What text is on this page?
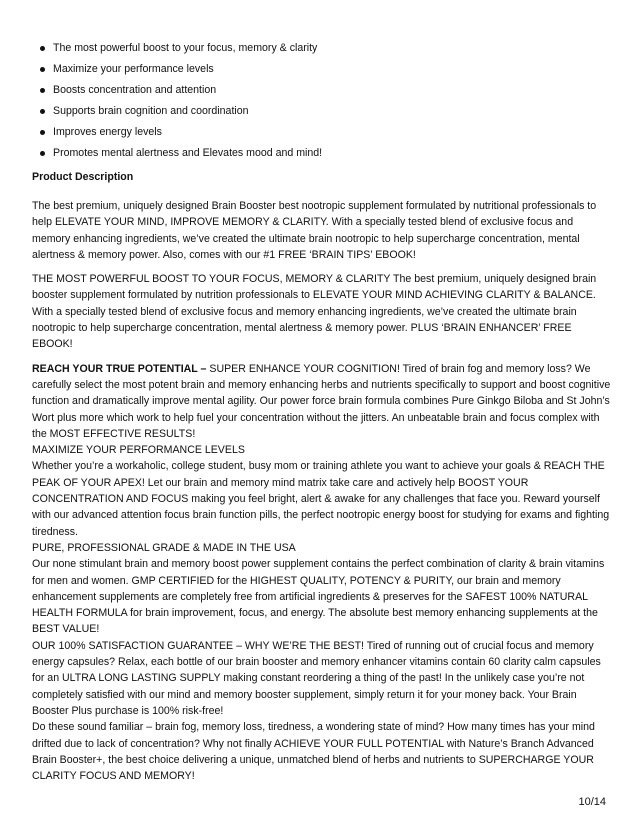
The most powerful boost to your focus, memory & clarity
Maximize your performance levels
Boosts concentration and attention
Supports brain cognition and coordination
Improves energy levels
Promotes mental alertness and Elevates mood and mind!
Product Description

The best premium, uniquely designed Brain Booster best nootropic supplement formulated by nutritional professionals to help ELEVATE YOUR MIND, IMPROVE MEMORY & CLARITY. With a specially tested blend of exclusive focus and memory enhancing ingredients, we’ve created the ultimate brain nootropic to help supercharge concentration, mental alertness & memory power. Also, comes with our #1 FREE ‘BRAIN TIPS’ EBOOK!

THE MOST POWERFUL BOOST TO YOUR FOCUS, MEMORY & CLARITY The best premium, uniquely designed brain booster supplement formulated by nutrition professionals to ELEVATE YOUR MIND ACHIEVING CLARITY & BALANCE. With a specially tested blend of exclusive focus and memory enhancing ingredients, we’ve created the ultimate brain nootropic to help supercharge concentration, mental alertness & memory power. PLUS ‘BRAIN ENHANCER’ FREE EBOOK!

REACH YOUR TRUE POTENTIAL – SUPER ENHANCE YOUR COGNITION! Tired of brain fog and memory loss? We carefully select the most potent brain and memory enhancing herbs and nutrients specifically to support and boost cognitive function and dramatically improve mental agility. Our power force brain formula combines Pure Ginkgo Biloba and St John’s Wort plus more which work to help fuel your concentration without the jitters. An unbeatable brain and focus complex with the MOST EFFECTIVE RESULTS!

MAXIMIZE YOUR PERFORMANCE LEVELS

Whether you’re a workaholic, college student, busy mom or training athlete you want to achieve your goals & REACH THE PEAK OF YOUR APEX! Let our brain and memory mind matrix take care and actively help BOOST YOUR CONCENTRATION AND FOCUS making you feel bright, alert & awake for any challenges that face you. Reward yourself with our advanced attention focus brain function pills, the perfect nootropic energy boost for studying for exams and fighting tiredness.

PURE, PROFESSIONAL GRADE & MADE IN THE USA

Our none stimulant brain and memory boost power supplement contains the perfect combination of clarity & brain vitamins for men and women. GMP CERTIFIED for the HIGHEST QUALITY, POTENCY & PURITY, our brain and memory enhancement supplements are completely free from artificial ingredients & preserves for the SAFEST 100% NATURAL HEALTH FORMULA for brain improvement, focus, and energy. The absolute best memory enhancing supplements at the BEST VALUE!

OUR 100% SATISFACTION GUARANTEE – WHY WE’RE THE BEST! Tired of running out of crucial focus and memory energy capsules? Relax, each bottle of our brain booster and memory enhancer vitamins contain 60 clarity calm capsules for an ULTRA LONG LASTING SUPPLY making constant reordering a thing of the past! In the unlikely case you’re not completely satisfied with our mind and memory booster supplement, simply return it for your money back. Your Brain Booster Plus purchase is 100% risk-free!

Do these sound familiar – brain fog, memory loss, tiredness, a wondering state of mind? How many times has your mind drifted due to lack of concentration? Why not finally ACHIEVE YOUR FULL POTENTIAL with Nature’s Branch Advanced Brain Booster+, the best choice delivering a unique, unmatched blend of herbs and nutrients to SUPERCHARGE YOUR CLARITY FOCUS AND MEMORY!

10/14
